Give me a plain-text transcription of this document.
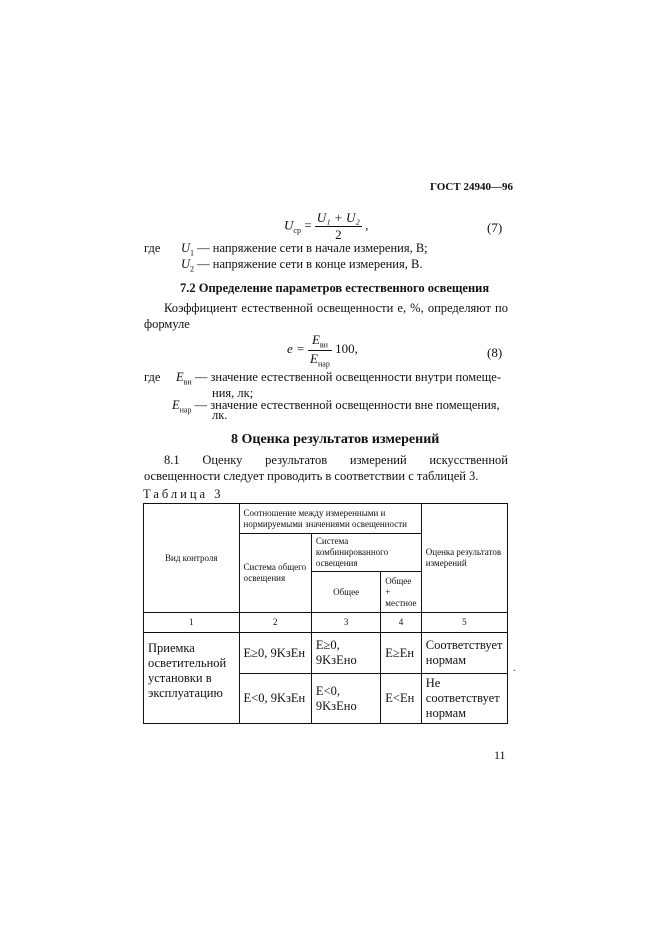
ГОСТ 24940—96
$U_{ср} = \frac{\text{U₁ + U₂}}{2}$ ,	(7)
где $U_1$ — напряжение сети в начале измерения, В;
$U_2$ — напряжение сети в конце измерения, В.
7.2 Определение параметров естественного освещения
Коэффициент естественной освещенности e, %, определяют по формуле
$e = \frac{E_{вн}}{E_{нар}} 100$,	(8)
где $E_{вн}$ — значение естественной освещенности внутри помеще-
ния, лк;
$E_{нар}$ — значение естественной освещенности вне помещения,
лк.
8 Оценка результатов измерений
8.1 Оценку результатов измерений искусственной освещенности следует проводить в соответствии с таблицей 3.
Таблица 3
Вид контроля	Соотношение между измеренными и нормируемыми значениями освещенности			Оценка результатов измерений
	Система общего освещения	Система комбинированного освещения		
		Общее	Общее + местное	
1	2	3	4	5
Приемка осветительной установки в эксплуатацию	E≥0, 9KзEн	E≥0, 9KзEно	E≥Eн	Соответствует нормам
	E<0, 9KзEн	E<0, 9KзEно	E<Eн	Не соответствует нормам
.
11
